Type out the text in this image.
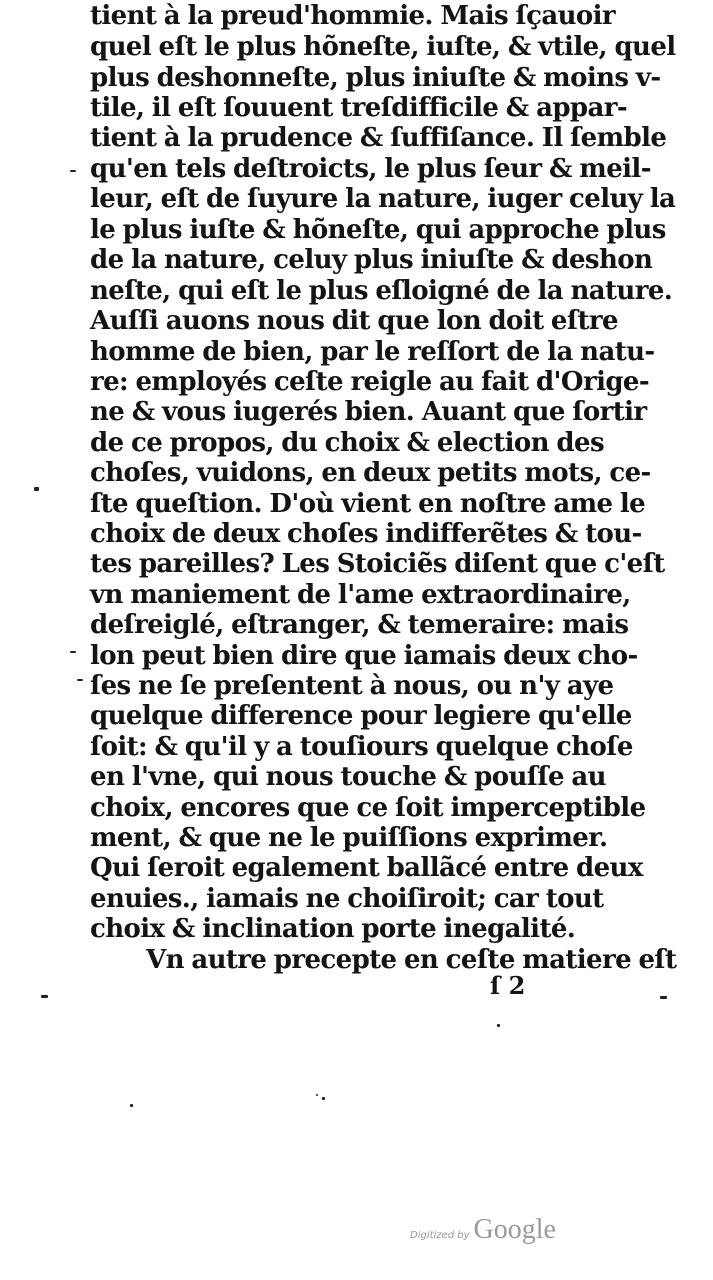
tient à la preud'hommie. Mais ſçauoir
quel eſt le plus hõneſte, iuſte, & vtile, quel
plus deshonneſte, plus iniuſte & moins v-
tile, il eſt ſouuent treſdifficile & appar-
tient à la prudence & ſuffiſance. Il ſemble
qu'en tels deſtroicts, le plus ſeur & meil-
leur, eſt de ſuyure la nature, iuger celuy la
le plus iuſte & hõneſte, qui approche plus
de la nature, celuy plus iniuſte & deshon
neſte, qui eſt le plus eſloigné de la nature.
Auſſi auons nous dit que lon doit eſtre
homme de bien, par le reſſort de la natu-
re: employés ceſte reigle au fait d'Orige-
ne & vous iugerés bien. Auant que ſortir
de ce propos, du choix & election des
choſes, vuidons, en deux petits mots, ce-
ſte queſtion. D'où vient en noſtre ame le
choix de deux choſes indifferẽtes & tou-
tes pareilles? Les Stoiciẽs diſent que c'eſt
vn maniement de l'ame extraordinaire,
deſreiglé, eſtranger, & temeraire: mais
lon peut bien dire que iamais deux cho-
ſes ne ſe preſentent à nous, ou n'y aye
quelque difference pour legiere qu'elle
ſoit: & qu'il y a touſiours quelque choſe
en l'vne, qui nous touche & pouſſe au
choix, encores que ce ſoit imperceptible
ment, & que ne le puiſſions exprimer.
Qui ſeroit egalement ballãcé entre deux
enuies., iamais ne choiſiroit; car tout
choix & inclination porte inegalité.
Vn autre precepte en ceſte matiere eſt
ſ 2
Digitized by Google
